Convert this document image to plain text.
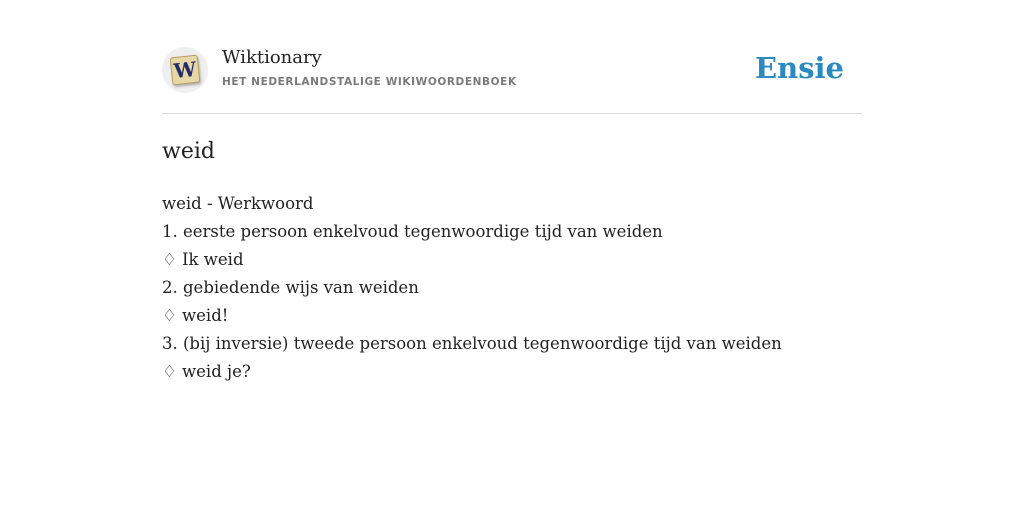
W Wiktionary
HET NEDERLANDSTALIGE WIKIWOORDENBOEK	Ensie
weid
weid - Werkwoord
1. eerste persoon enkelvoud tegenwoordige tijd van weiden
♢ Ik weid
2. gebiedende wijs van weiden
♢ weid!
3. (bij inversie) tweede persoon enkelvoud tegenwoordige tijd van weiden
♢ weid je?
